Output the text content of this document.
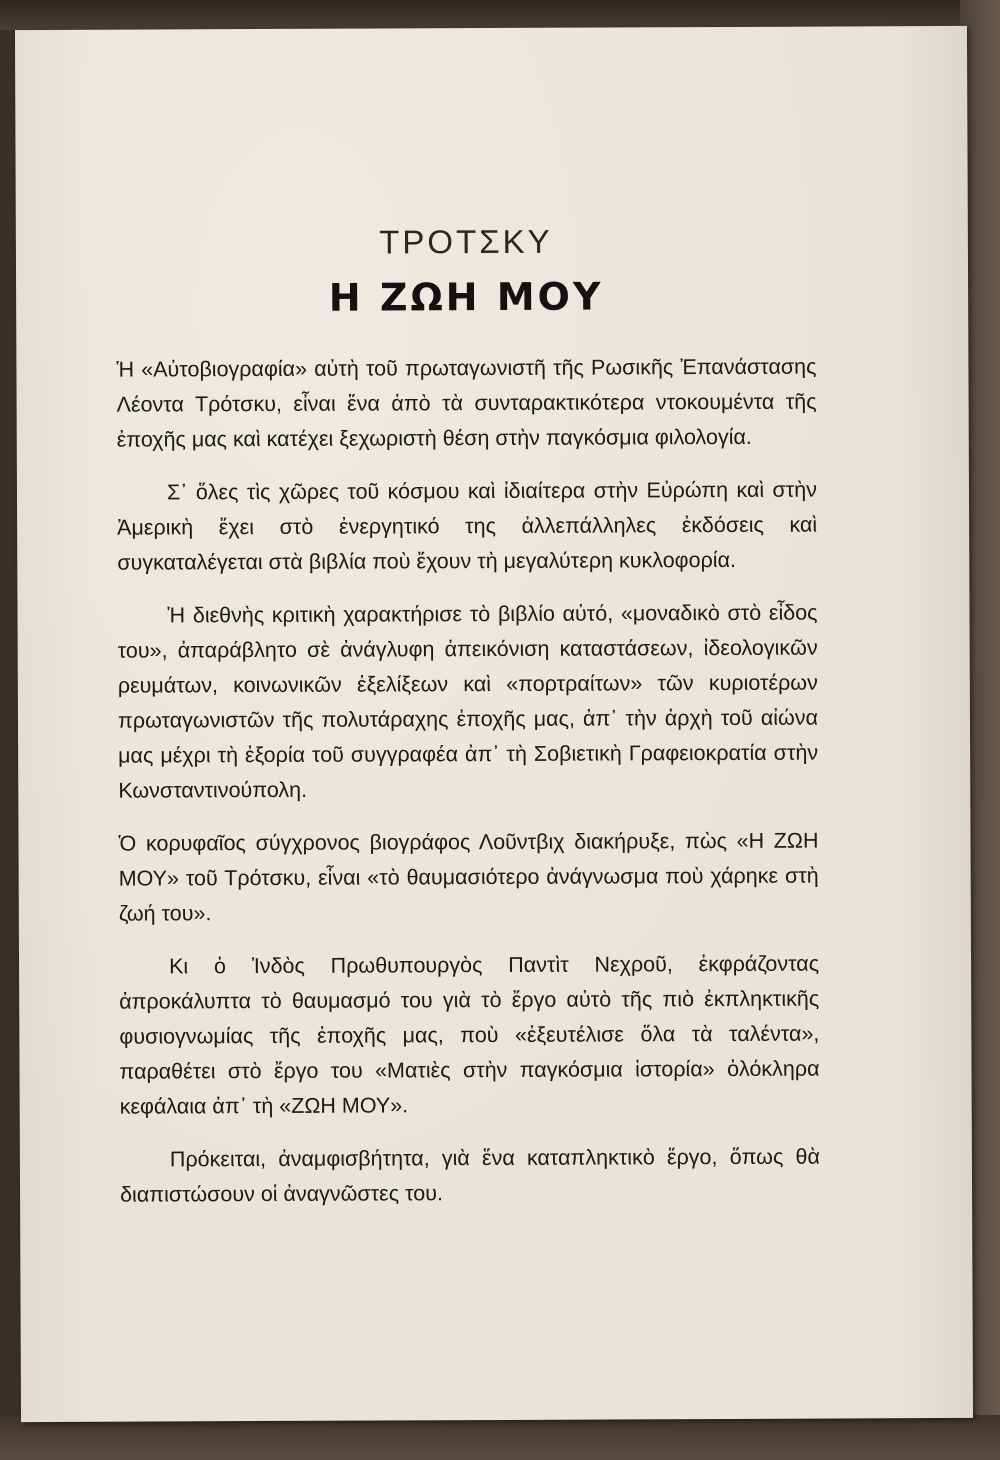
ΤΡΟΤΣΚΥ
Η ΖΩΗ ΜΟΥ

Ἡ «Αὐτοβιογραφία» αὐτὴ τοῦ πρωταγωνιστῆ τῆς Ρωσικῆς Ἐπανάστασης Λέοντα Τρότσκυ, εἶναι ἕνα ἀπὸ τὰ συνταρακτικότερα ντοκουμέντα τῆς ἐποχῆς μας καὶ κατέχει ξεχωριστὴ θέση στὴν παγκόσμια φιλολογία.

Σ᾿ ὅλες τὶς χῶρες τοῦ κόσμου καὶ ἰδιαίτερα στὴν Εὐρώπη καὶ στὴν Ἀμερικὴ ἔχει στὸ ἐνεργητικό της ἀλλεπάλληλες ἐκδόσεις καὶ συγκαταλέγεται στὰ βιβλία ποὺ ἔχουν τὴ μεγαλύτερη κυκλοφορία.

Ἡ διεθνὴς κριτικὴ χαρακτήρισε τὸ βιβλίο αὐτό, «μοναδικὸ στὸ εἶδος του», ἀπαράβλητο σὲ ἀνάγλυφη ἀπεικόνιση καταστάσεων, ἰδεολογικῶν ρευμάτων, κοινωνικῶν ἐξελίξεων καὶ «πορτραίτων» τῶν κυριοτέρων πρωταγωνιστῶν τῆς πολυτάραχης ἐποχῆς μας, ἀπ᾿ τὴν ἀρχὴ τοῦ αἰώνα μας μέχρι τὴ ἐξορία τοῦ συγγραφέα ἀπ᾿ τὴ Σοβιετικὴ Γραφειοκρατία στὴν Κωνσταντινούπολη.

Ὁ κορυφαῖος σύγχρονος βιογράφος Λοῦντβιχ διακήρυξε, πὼς «Η ΖΩΗ ΜΟΥ» τοῦ Τρότσκυ, εἶναι «τὸ θαυμασιότερο ἀνάγνωσμα ποὺ χάρηκε στὴ ζωή του».

Κι ὁ Ἰνδὸς Πρωθυπουργὸς Παντὶτ Νεχροῦ, ἐκφράζοντας ἀπροκάλυπτα τὸ θαυμασμό του γιὰ τὸ ἔργο αὐτὸ τῆς πιὸ ἐκπληκτικῆς φυσιογνωμίας τῆς ἐποχῆς μας, ποὺ «ἐξευτέλισε ὅλα τὰ ταλέντα», παραθέτει στὸ ἔργο του «Ματιὲς στὴν παγκόσμια ἱστορία» ὁλόκληρα κεφάλαια ἀπ᾿ τὴ «ΖΩΗ ΜΟΥ».

Πρόκειται, ἀναμφισβήτητα, γιὰ ἕνα καταπληκτικὸ ἔργο, ὅπως θὰ διαπιστώσουν οἱ ἀναγνῶστες του.
